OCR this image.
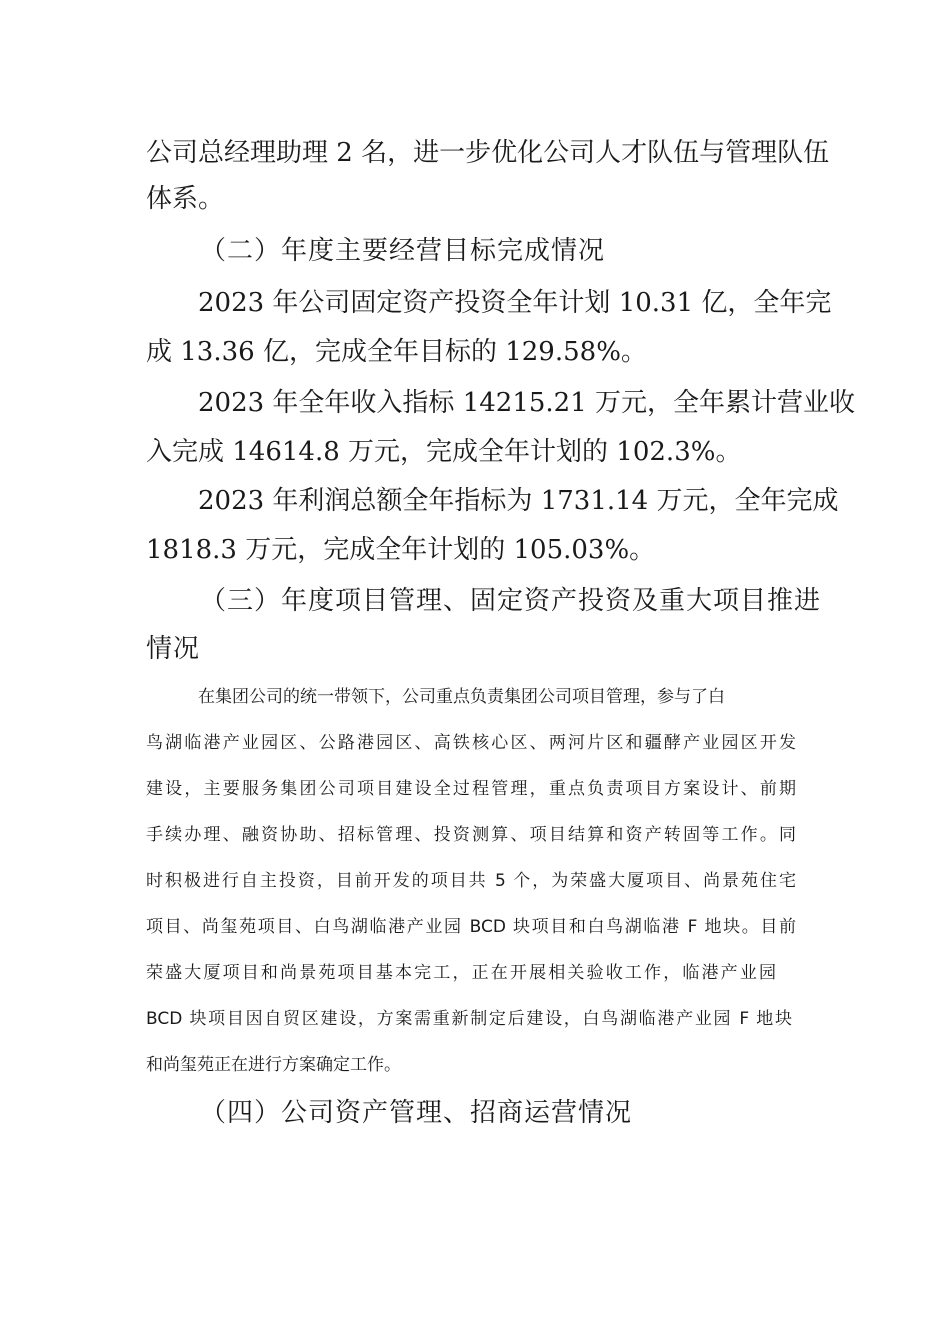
公司总经理助理 2 名，进一步优化公司人才队伍与管理队伍
体系。
（二）年度主要经营目标完成情况
2023 年公司固定资产投资全年计划 10.31 亿，全年完
成 13.36 亿，完成全年目标的 129.58%。
2023 年全年收入指标 14215.21 万元，全年累计营业收
入完成 14614.8 万元，完成全年计划的 102.3%。
2023 年利润总额全年指标为 1731.14 万元，全年完成
1818.3 万元，完成全年计划的 105.03%。
（三）年度项目管理、固定资产投资及重大项目推进
情况
在集团公司的统一带领下，公司重点负责集团公司项目管理，参与了白
鸟湖临港产业园区、公路港园区、高铁核心区、两河片区和疆酵产业园区开发
建设，主要服务集团公司项目建设全过程管理，重点负责项目方案设计、前期
手续办理、融资协助、招标管理、投资测算、项目结算和资产转固等工作。同
时积极进行自主投资，目前开发的项目共 5 个，为荣盛大厦项目、尚景苑住宅
项目、尚玺苑项目、白鸟湖临港产业园 BCD 块项目和白鸟湖临港 F 地块。目前
荣盛大厦项目和尚景苑项目基本完工，正在开展相关验收工作，临港产业园
BCD 块项目因自贸区建设，方案需重新制定后建设，白鸟湖临港产业园 F 地块
和尚玺苑正在进行方案确定工作。
（四）公司资产管理、招商运营情况
